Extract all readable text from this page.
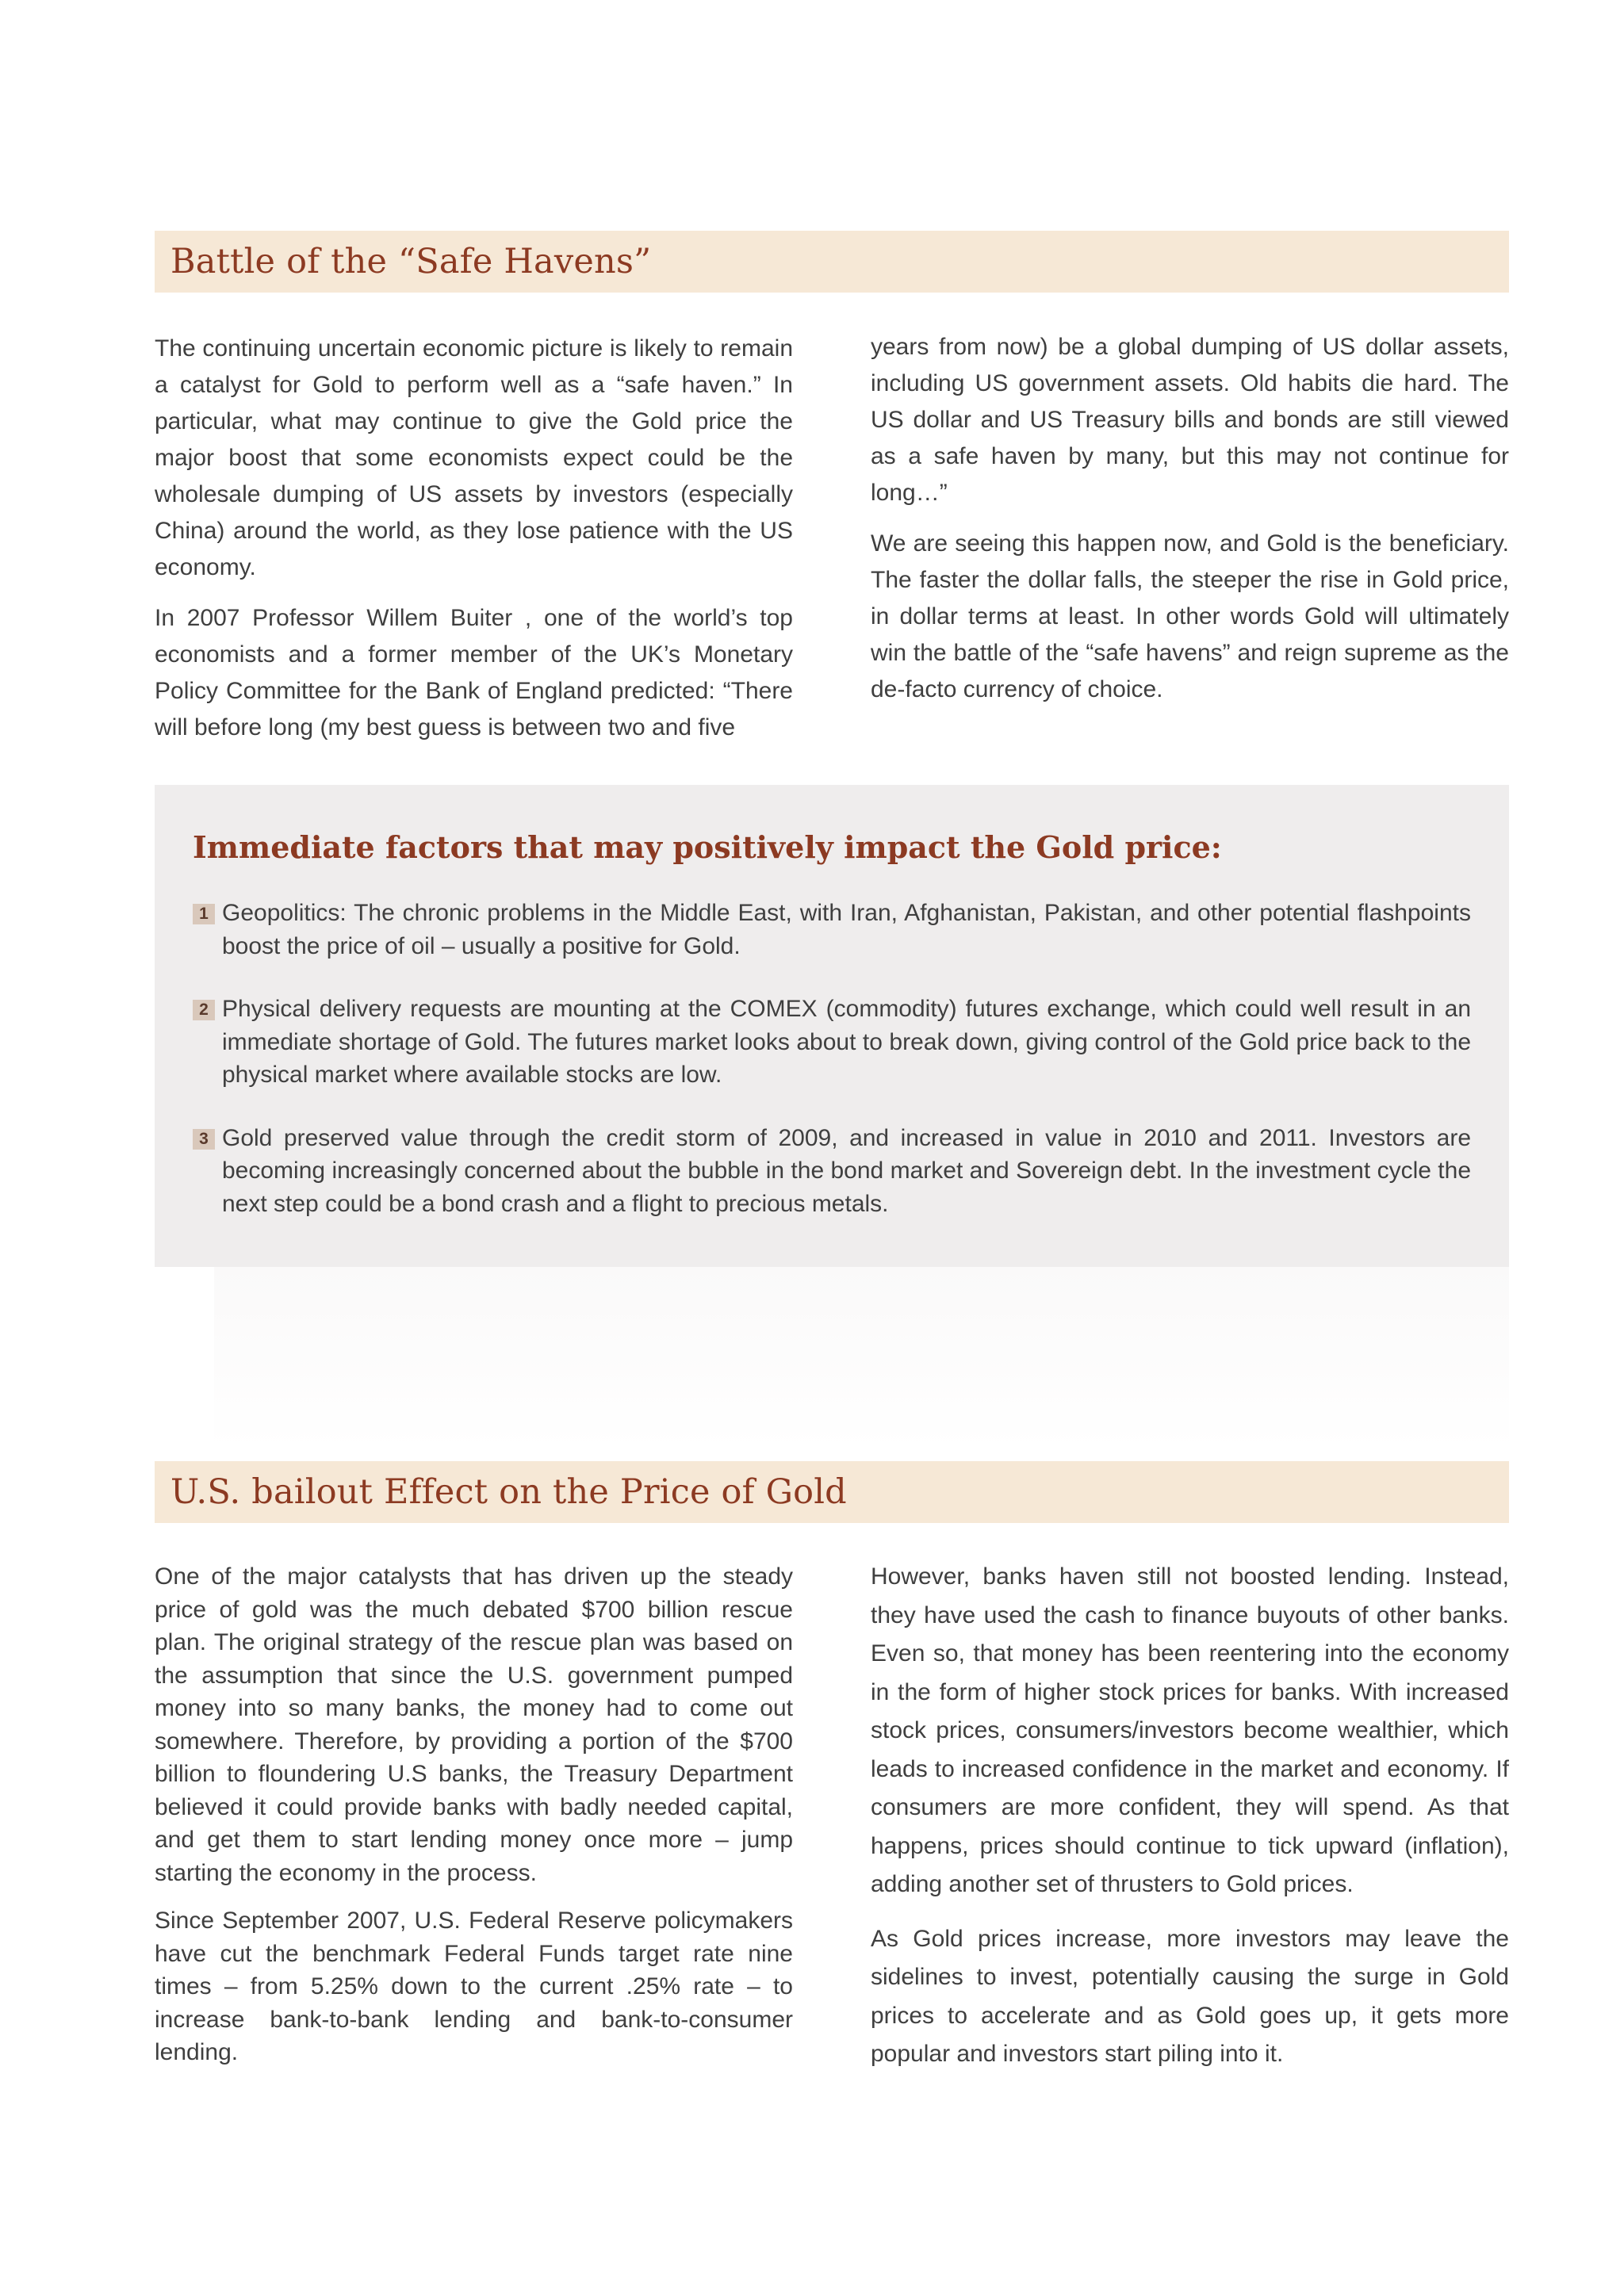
Battle of the “Safe Havens”

The continuing uncertain economic picture is likely to remain a catalyst for Gold to perform well as a “safe haven.” In particular, what may continue to give the Gold price the major boost that some economists expect could be the wholesale dumping of US assets by investors (especially China) around the world, as they lose patience with the US economy.

In 2007 Professor Willem Buiter , one of the world’s top economists and a former member of the UK’s Monetary Policy Committee for the Bank of England predicted: “There will before long (my best guess is between two and five

years from now) be a global dumping of US dollar assets, including US government assets. Old habits die hard. The US dollar and US Treasury bills and bonds are still viewed as a safe haven by many, but this may not continue for long…”

We are seeing this happen now, and Gold is the beneficiary. The faster the dollar falls, the steeper the rise in Gold price, in dollar terms at least. In other words Gold will ultimately win the battle of the “safe havens” and reign supreme as the de-facto currency of choice.

Immediate factors that may positively impact the Gold price:
1 Geopolitics: The chronic problems in the Middle East, with Iran, Afghanistan, Pakistan, and other potential flashpoints boost the price of oil – usually a positive for Gold.
2 Physical delivery requests are mounting at the COMEX (commodity) futures exchange, which could well result in an immediate shortage of Gold. The futures market looks about to break down, giving control of the Gold price back to the physical market where available stocks are low.
3 Gold preserved value through the credit storm of 2009, and increased in value in 2010 and 2011. Investors are becoming increasingly concerned about the bubble in the bond market and Sovereign debt. In the investment cycle the next step could be a bond crash and a flight to precious metals.
U.S. bailout Effect on the Price of Gold

One of the major catalysts that has driven up the steady price of gold was the much debated $700 billion rescue plan. The original strategy of the rescue plan was based on the assumption that since the U.S. government pumped money into so many banks, the money had to come out somewhere. Therefore, by providing a portion of the $700 billion to floundering U.S banks, the Treasury Department believed it could provide banks with badly needed capital, and get them to start lending money once more – jump starting the economy in the process.

Since September 2007, U.S. Federal Reserve policymakers have cut the benchmark Federal Funds target rate nine times – from 5.25% down to the current .25% rate – to increase bank-to-bank lending and bank-to-consumer lending.

However, banks haven still not boosted lending. Instead, they have used the cash to finance buyouts of other banks. Even so, that money has been reentering into the economy in the form of higher stock prices for banks. With increased stock prices, consumers/investors become wealthier, which leads to increased confidence in the market and economy. If consumers are more confident, they will spend. As that happens, prices should continue to tick upward (inflation), adding another set of thrusters to Gold prices.

As Gold prices increase, more investors may leave the sidelines to invest, potentially causing the surge in Gold prices to accelerate and as Gold goes up, it gets more popular and investors start piling into it.
